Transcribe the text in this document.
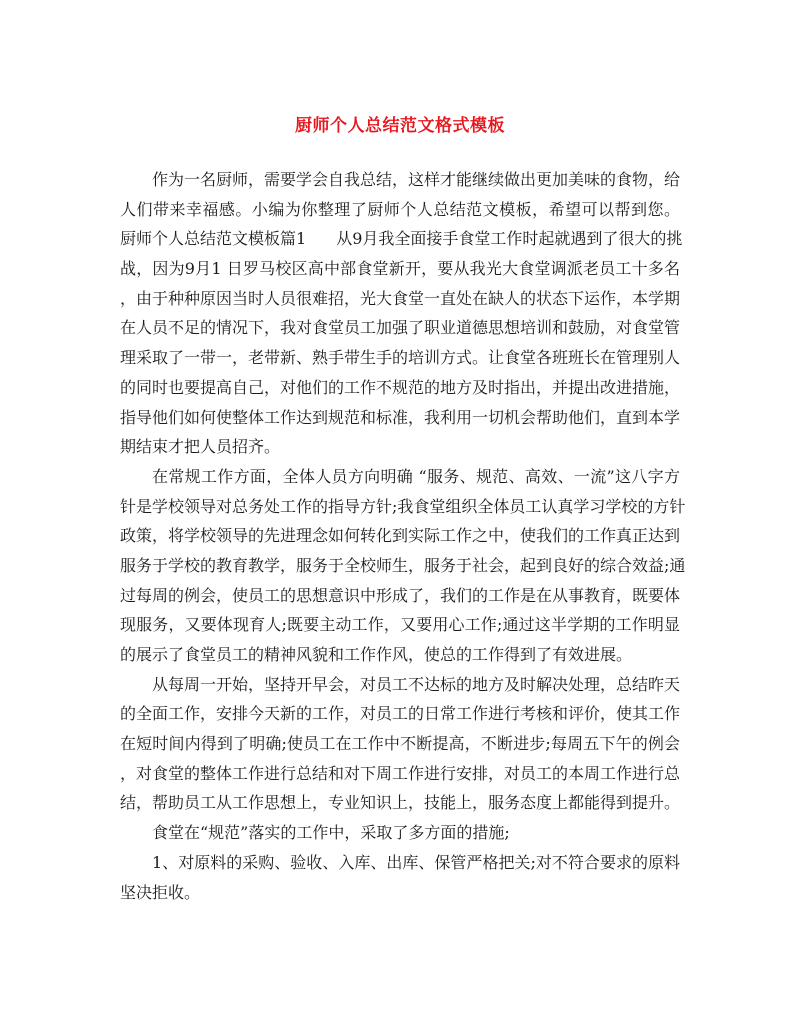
厨师个人总结范文格式模板
作为一名厨师，需要学会自我总结，这样才能继续做出更加美味的食物，给
人们带来幸福感。小编为你整理了厨师个人总结范文模板，希望可以帮到您。
厨师个人总结范文模板篇1 从9月我全面接手食堂工作时起就遇到了很大的挑
战，因为9月1 日罗马校区高中部食堂新开，要从我光大食堂调派老员工十多名
，由于种种原因当时人员很难招，光大食堂一直处在缺人的状态下运作，本学期
在人员不足的情况下，我对食堂员工加强了职业道德思想培训和鼓励，对食堂管
理采取了一带一，老带新、熟手带生手的培训方式。让食堂各班班长在管理别人
的同时也要提高自己，对他们的工作不规范的地方及时指出，并提出改进措施，
指导他们如何使整体工作达到规范和标准，我利用一切机会帮助他们，直到本学
期结束才把人员招齐。
在常规工作方面，全体人员方向明确 “服务、规范、高效、一流”这八字方
针是学校领导对总务处工作的指导方针;我食堂组织全体员工认真学习学校的方针
政策，将学校领导的先进理念如何转化到实际工作之中，使我们的工作真正达到
服务于学校的教育教学，服务于全校师生，服务于社会，起到良好的综合效益;通
过每周的例会，使员工的思想意识中形成了，我们的工作是在从事教育，既要体
现服务，又要体现育人;既要主动工作，又要用心工作;通过这半学期的工作明显
的展示了食堂员工的精神风貌和工作作风，使总的工作得到了有效进展。
从每周一开始，坚持开早会，对员工不达标的地方及时解决处理，总结昨天
的全面工作，安排今天新的工作，对员工的日常工作进行考核和评价，使其工作
在短时间内得到了明确;使员工在工作中不断提高，不断进步;每周五下午的例会
，对食堂的整体工作进行总结和对下周工作进行安排，对员工的本周工作进行总
结，帮助员工从工作思想上，专业知识上，技能上，服务态度上都能得到提升。
食堂在“规范”落实的工作中，采取了多方面的措施;
1、对原料的采购、验收、入库、出库、保管严格把关;对不符合要求的原料
坚决拒收。
